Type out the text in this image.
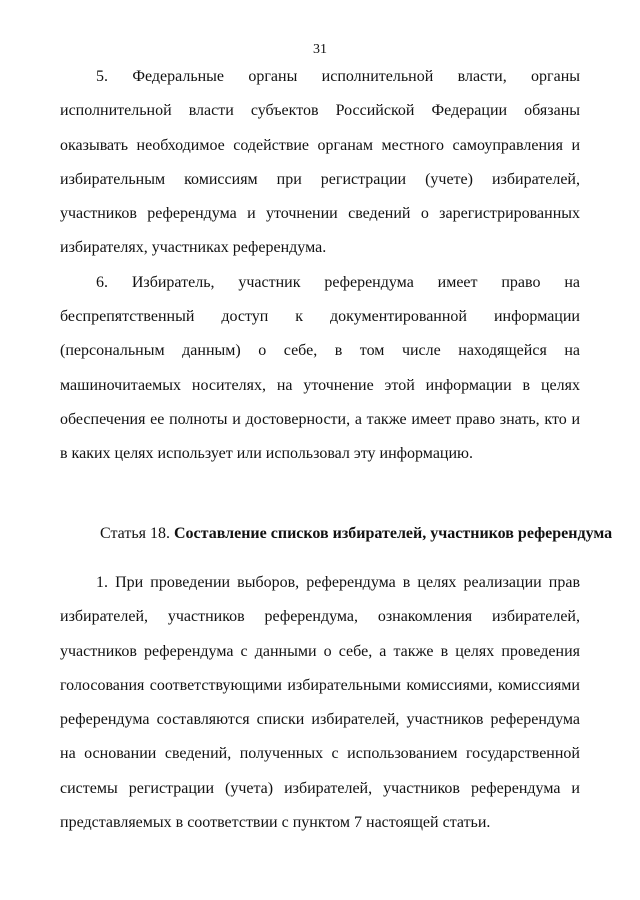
31

5. Федеральные органы исполнительной власти, органы исполнительной власти субъектов Российской Федерации обязаны оказывать необходимое содействие органам местного самоуправления и избирательным комиссиям при регистрации (учете) избирателей, участников референдума и уточнении сведений о зарегистрированных избирателях, участниках референдума.

6. Избиратель, участник референдума имеет право на беспрепятственный доступ к документированной информации (персональным данным) о себе, в том числе находящейся на машиночитаемых носителях, на уточнение этой информации в целях обеспечения ее полноты и достоверности, а также имеет право знать, кто и в каких целях использует или использовал эту информацию.

Статья 18. Составление списков избирателей, участников референдума

1. При проведении выборов, референдума в целях реализации прав избирателей, участников референдума, ознакомления избирателей, участников референдума с данными о себе, а также в целях проведения голосования соответствующими избирательными комиссиями, комиссиями референдума составляются списки избирателей, участников референдума на основании сведений, полученных с использованием государственной системы регистрации (учета) избирателей, участников референдума и представляемых в соответствии с пунктом 7 настоящей статьи.
